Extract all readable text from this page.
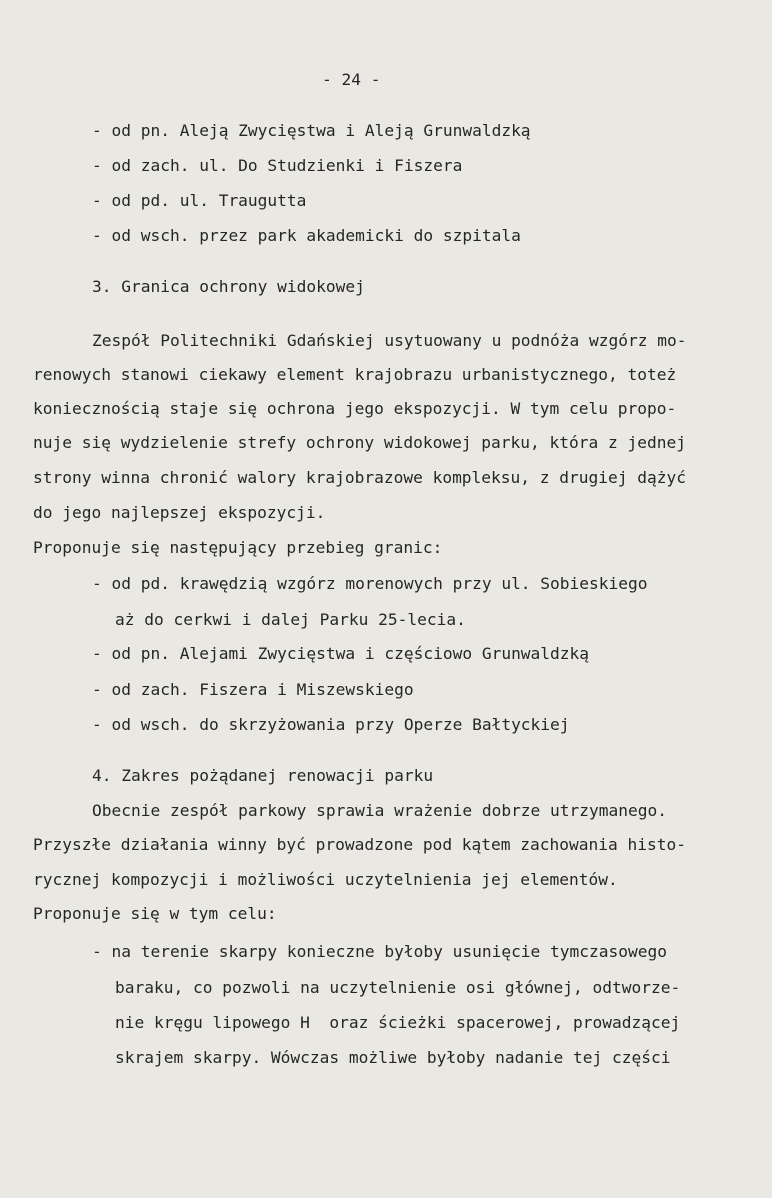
- 24 -
- od pn. Aleją Zwycięstwa i Aleją Grunwaldzką
- od zach. ul. Do Studzienki i Fiszera
- od pd. ul. Traugutta
- od wsch. przez park akademicki do szpitala
3. Granica ochrony widokowej
Zespół Politechniki Gdańskiej usytuowany u podnóża wzgórz mo-
renowych stanowi ciekawy element krajobrazu urbanistycznego, toteż
koniecznością staje się ochrona jego ekspozycji. W tym celu propo-
nuje się wydzielenie strefy ochrony widokowej parku, która z jednej
strony winna chronić walory krajobrazowe kompleksu, z drugiej dążyć
do jego najlepszej ekspozycji.
Proponuje się następujący przebieg granic:
- od pd. krawędzią wzgórz morenowych przy ul. Sobieskiego
aż do cerkwi i dalej Parku 25-lecia.
- od pn. Alejami Zwycięstwa i częściowo Grunwaldzką
- od zach. Fiszera i Miszewskiego
- od wsch. do skrzyżowania przy Operze Bałtyckiej
4. Zakres pożądanej renowacji parku
Obecnie zespół parkowy sprawia wrażenie dobrze utrzymanego.
Przyszłe działania winny być prowadzone pod kątem zachowania histo-
rycznej kompozycji i możliwości uczytelnienia jej elementów.
Proponuje się w tym celu:
- na terenie skarpy konieczne byłoby usunięcie tymczasowego
baraku, co pozwoli na uczytelnienie osi głównej, odtworze-
nie kręgu lipowego H  oraz ścieżki spacerowej, prowadzącej
skrajem skarpy. Wówczas możliwe byłoby nadanie tej części
